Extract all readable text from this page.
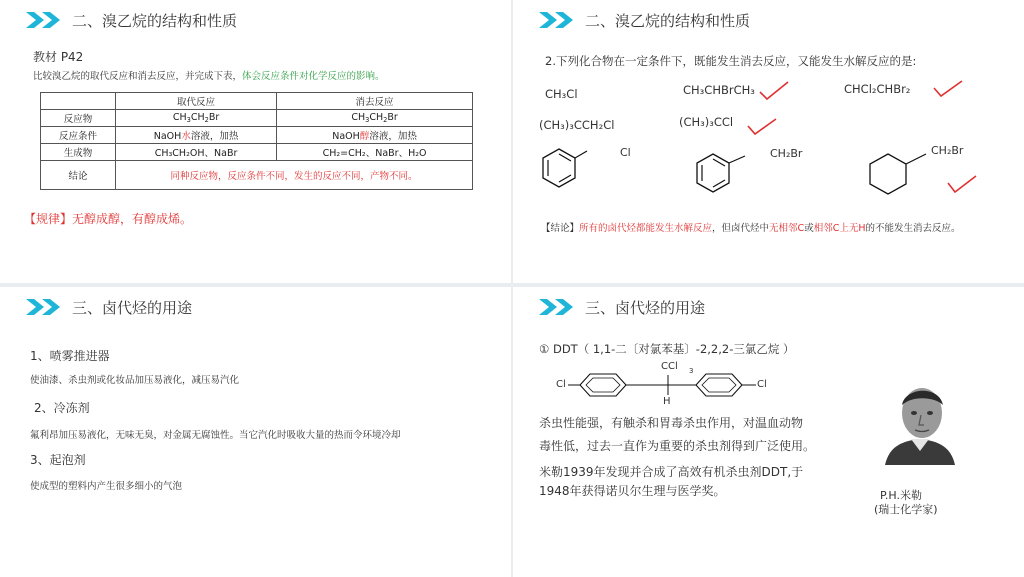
二、溴乙烷的结构和性质
教材 P42
比较溴乙烷的取代反应和消去反应，并完成下表，体会反应条件对化学反应的影响。
	取代反应	消去反应
反应物	$CH_3CH_2Br$	$CH_3CH_2Br$
反应条件	NaOH水溶液，加热	NaOH醇溶液，加热
生成物	CH₃CH₂OH、NaBr	CH₂=CH₂、NaBr、H₂O
结论	同种反应物，反应条件不同，发生的反应不同，产物不同。	
【规律】无醇成醇，有醇成烯。
二、溴乙烷的结构和性质
2.下列化合物在一定条件下，既能发生消去反应，又能发生水解反应的是:
CH₃Cl	CH₃CHBrCH₃	CHCl₂CHBr₂
(CH₃)₃CCH₂Cl	(CH₃)₃CCl
Cl	CH₂Br	CH₂Br
【结论】所有的卤代烃都能发生水解反应，但卤代烃中无相邻C或相邻C上无H的不能发生消去反应。
三、卤代烃的用途
1、喷雾推进器
使油漆、杀虫剂或化妆品加压易液化，减压易汽化
2、冷冻剂
氟利昂加压易液化，无味无臭，对金属无腐蚀性。当它汽化时吸收大量的热而令环境冷却
3、起泡剂
使成型的塑料内产生很多细小的气泡
三、卤代烃的用途
① DDT（ 1,1-二〔对氯苯基〕-2,2,2-三氯乙烷 ）
Cl	Cl
CCl 3
H
杀虫性能强，有触杀和胃毒杀虫作用，对温血动物
毒性低，过去一直作为重要的杀虫剂得到广泛使用。
米勒1939年发现并合成了高效有机杀虫剂DDT,于
1948年获得诺贝尔生理与医学奖。	P.H.米勒
(瑞士化学家)
